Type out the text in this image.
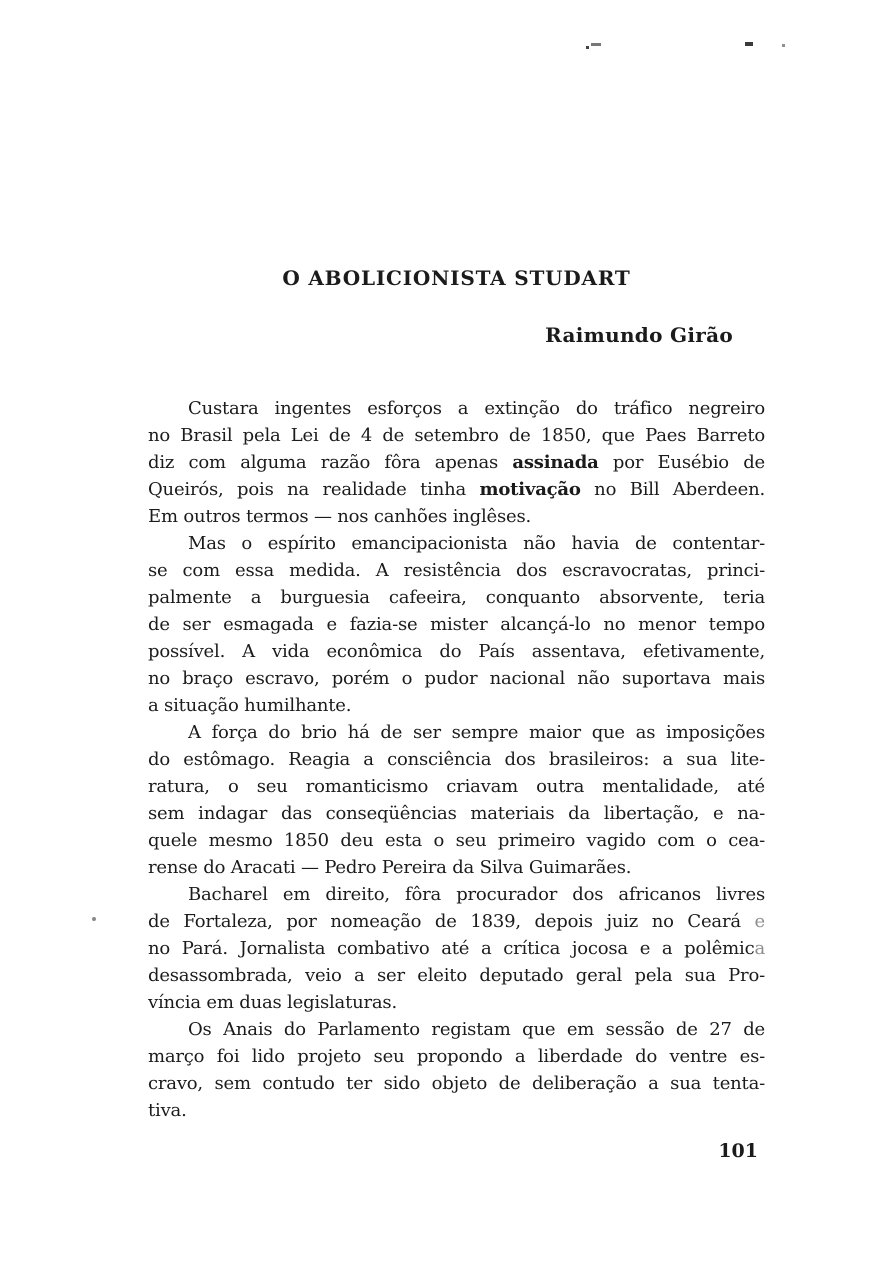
O ABOLICIONISTA STUDART
Raimundo Girão
Custara ingentes esforços a extinção do tráfico negreiro
no Brasil pela Lei de 4 de setembro de 1850, que Paes Barreto
diz com alguma razão fôra apenas assinada por Eusébio de
Queirós, pois na realidade tinha motivação no Bill Aberdeen.
Em outros termos — nos canhões inglêses.
Mas o espírito emancipacionista não havia de contentar-
se com essa medida. A resistência dos escravocratas, princi-
palmente a burguesia cafeeira, conquanto absorvente, teria
de ser esmagada e fazia-se mister alcançá-lo no menor tempo
possível. A vida econômica do País assentava, efetivamente,
no braço escravo, porém o pudor nacional não suportava mais
a situação humilhante.
A força do brio há de ser sempre maior que as imposições
do estômago. Reagia a consciência dos brasileiros: a sua lite-
ratura, o seu romanticismo criavam outra mentalidade, até
sem indagar das conseqüências materiais da libertação, e na-
quele mesmo 1850 deu esta o seu primeiro vagido com o cea-
rense do Aracati — Pedro Pereira da Silva Guimarães.
Bacharel em direito, fôra procurador dos africanos livres
de Fortaleza, por nomeação de 1839, depois juiz no Ceará e
no Pará. Jornalista combativo até a crítica jocosa e a polêmica
desassombrada, veio a ser eleito deputado geral pela sua Pro-
víncia em duas legislaturas.
Os Anais do Parlamento registam que em sessão de 27 de
março foi lido projeto seu propondo a liberdade do ventre es-
cravo, sem contudo ter sido objeto de deliberação a sua tenta-
tiva.
101
